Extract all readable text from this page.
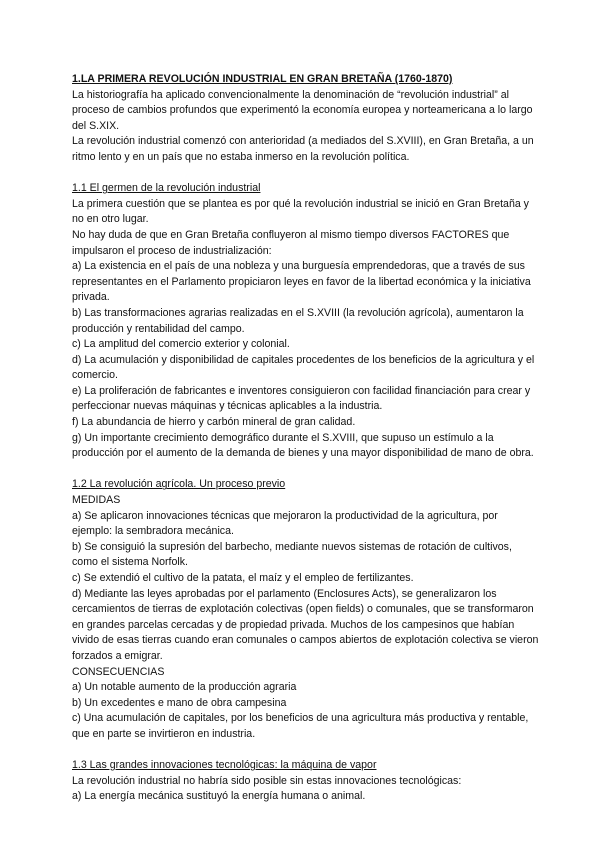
1.LA PRIMERA REVOLUCIÓN INDUSTRIAL EN GRAN BRETAÑA (1760-1870)

La historiografía ha aplicado convencionalmente la denominación de “revolución industrial” al proceso de cambios profundos que experimentó la economía europea y norteamericana a lo largo del S.XIX.

La revolución industrial comenzó con anterioridad (a mediados del S.XVIII), en Gran Bretaña, a un ritmo lento y en un país que no estaba inmerso en la revolución política.

1.1 El germen de la revolución industrial

La primera cuestión que se plantea es por qué la revolución industrial se inició en Gran Bretaña y no en otro lugar.

No hay duda de que en Gran Bretaña confluyeron al mismo tiempo diversos FACTORES que impulsaron el proceso de industrialización:

a) La existencia en el país de una nobleza y una burguesía emprendedoras, que a través de sus representantes en el Parlamento propiciaron leyes en favor de la libertad económica y la iniciativa privada.

b) Las transformaciones agrarias realizadas en el S.XVIII (la revolución agrícola), aumentaron la producción y rentabilidad del campo.

c) La amplitud del comercio exterior y colonial.

d) La acumulación y disponibilidad de capitales procedentes de los beneficios de la agricultura y el comercio.

e) La proliferación de fabricantes e inventores consiguieron con facilidad financiación para crear y perfeccionar nuevas máquinas y técnicas aplicables a la industria.

f) La abundancia de hierro y carbón mineral de gran calidad.

g) Un importante crecimiento demográfico durante el S.XVIII, que supuso un estímulo a la producción por el aumento de la demanda de bienes y una mayor disponibilidad de mano de obra.

1.2 La revolución agrícola. Un proceso previo

MEDIDAS

a) Se aplicaron innovaciones técnicas que mejoraron la productividad de la agricultura, por ejemplo: la sembradora mecánica.

b) Se consiguió la supresión del barbecho, mediante nuevos sistemas de rotación de cultivos, como el sistema Norfolk.

c) Se extendió el cultivo de la patata, el maíz y el empleo de fertilizantes.

d) Mediante las leyes aprobadas por el parlamento (Enclosures Acts), se generalizaron los cercamientos de tierras de explotación colectivas (open fields) o comunales, que se transformaron en grandes parcelas cercadas y de propiedad privada. Muchos de los campesinos que habían vivido de esas tierras cuando eran comunales o campos abiertos de explotación colectiva se vieron forzados a emigrar.

CONSECUENCIAS

a) Un notable aumento de la producción agraria

b) Un excedentes e mano de obra campesina

c) Una acumulación de capitales, por los beneficios de una agricultura más productiva y rentable, que en parte se invirtieron en industria.

1.3 Las grandes innovaciones tecnológicas: la máquina de vapor

La revolución industrial no habría sido posible sin estas innovaciones tecnológicas:

a) La energía mecánica sustituyó la energía humana o animal.
